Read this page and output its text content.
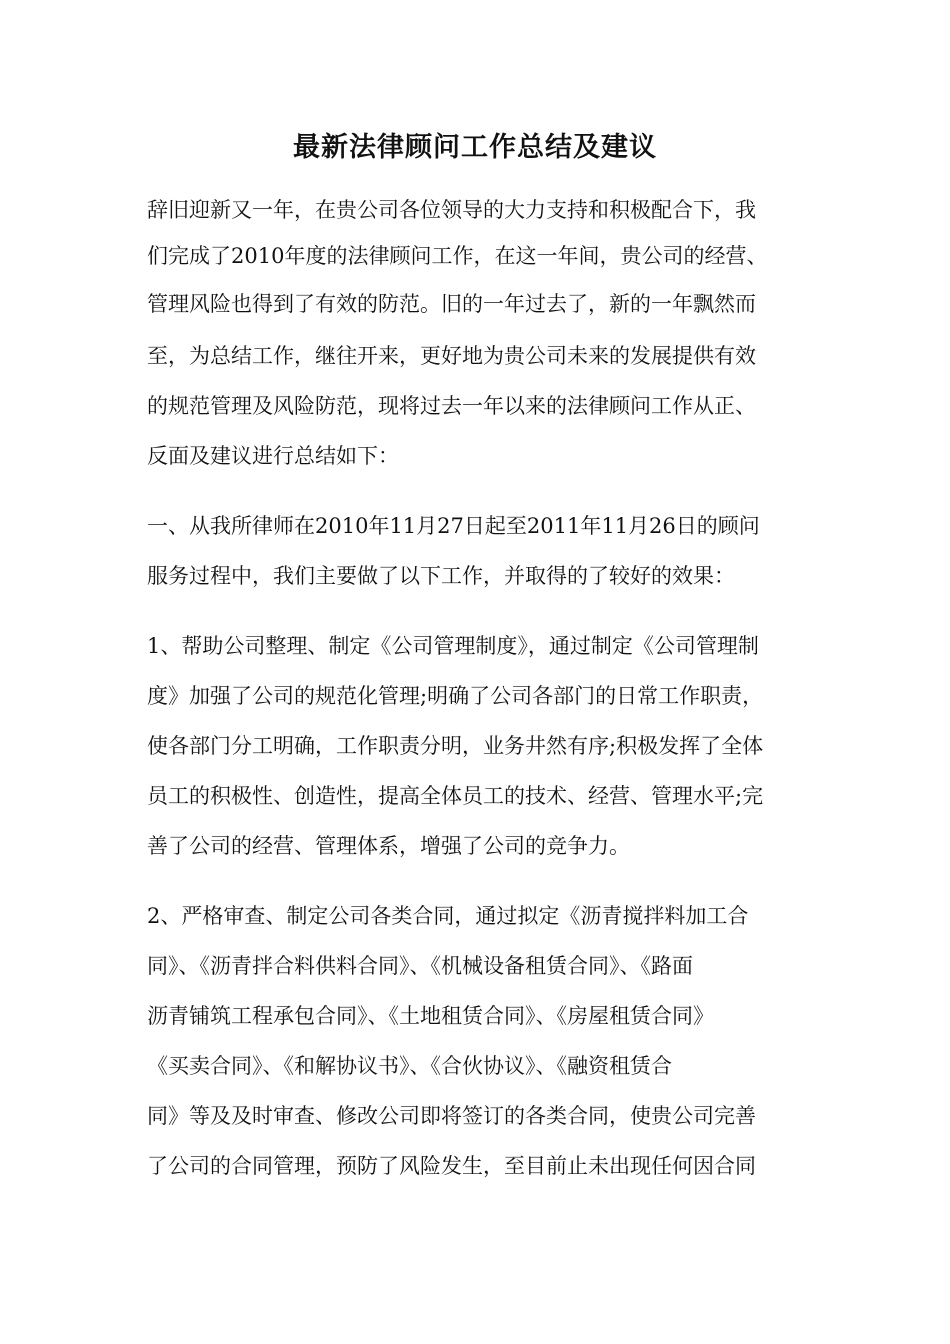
最新法律顾问工作总结及建议
辞旧迎新又一年，在贵公司各位领导的大力支持和积极配合下，我
们完成了2010年度的法律顾问工作，在这一年间，贵公司的经营、
管理风险也得到了有效的防范。旧的一年过去了，新的一年飘然而
至，为总结工作，继往开来，更好地为贵公司未来的发展提供有效
的规范管理及风险防范，现将过去一年以来的法律顾问工作从正、
反面及建议进行总结如下：
一、从我所律师在2010年11月27日起至2011年11月26日的顾问
服务过程中，我们主要做了以下工作，并取得的了较好的效果：
1、帮助公司整理、制定《公司管理制度》，通过制定《公司管理制
度》加强了公司的规范化管理;明确了公司各部门的日常工作职责，
使各部门分工明确，工作职责分明，业务井然有序;积极发挥了全体
员工的积极性、创造性，提高全体员工的技术、经营、管理水平;完
善了公司的经营、管理体系，增强了公司的竞争力。
2、严格审查、制定公司各类合同，通过拟定《沥青搅拌料加工合
同》、《沥青拌合料供料合同》、《机械设备租赁合同》、《路面
沥青铺筑工程承包合同》、《土地租赁合同》、《房屋租赁合同》
《买卖合同》、《和解协议书》、《合伙协议》、《融资租赁合
同》等及及时审查、修改公司即将签订的各类合同，使贵公司完善
了公司的合同管理，预防了风险发生，至目前止未出现任何因合同
